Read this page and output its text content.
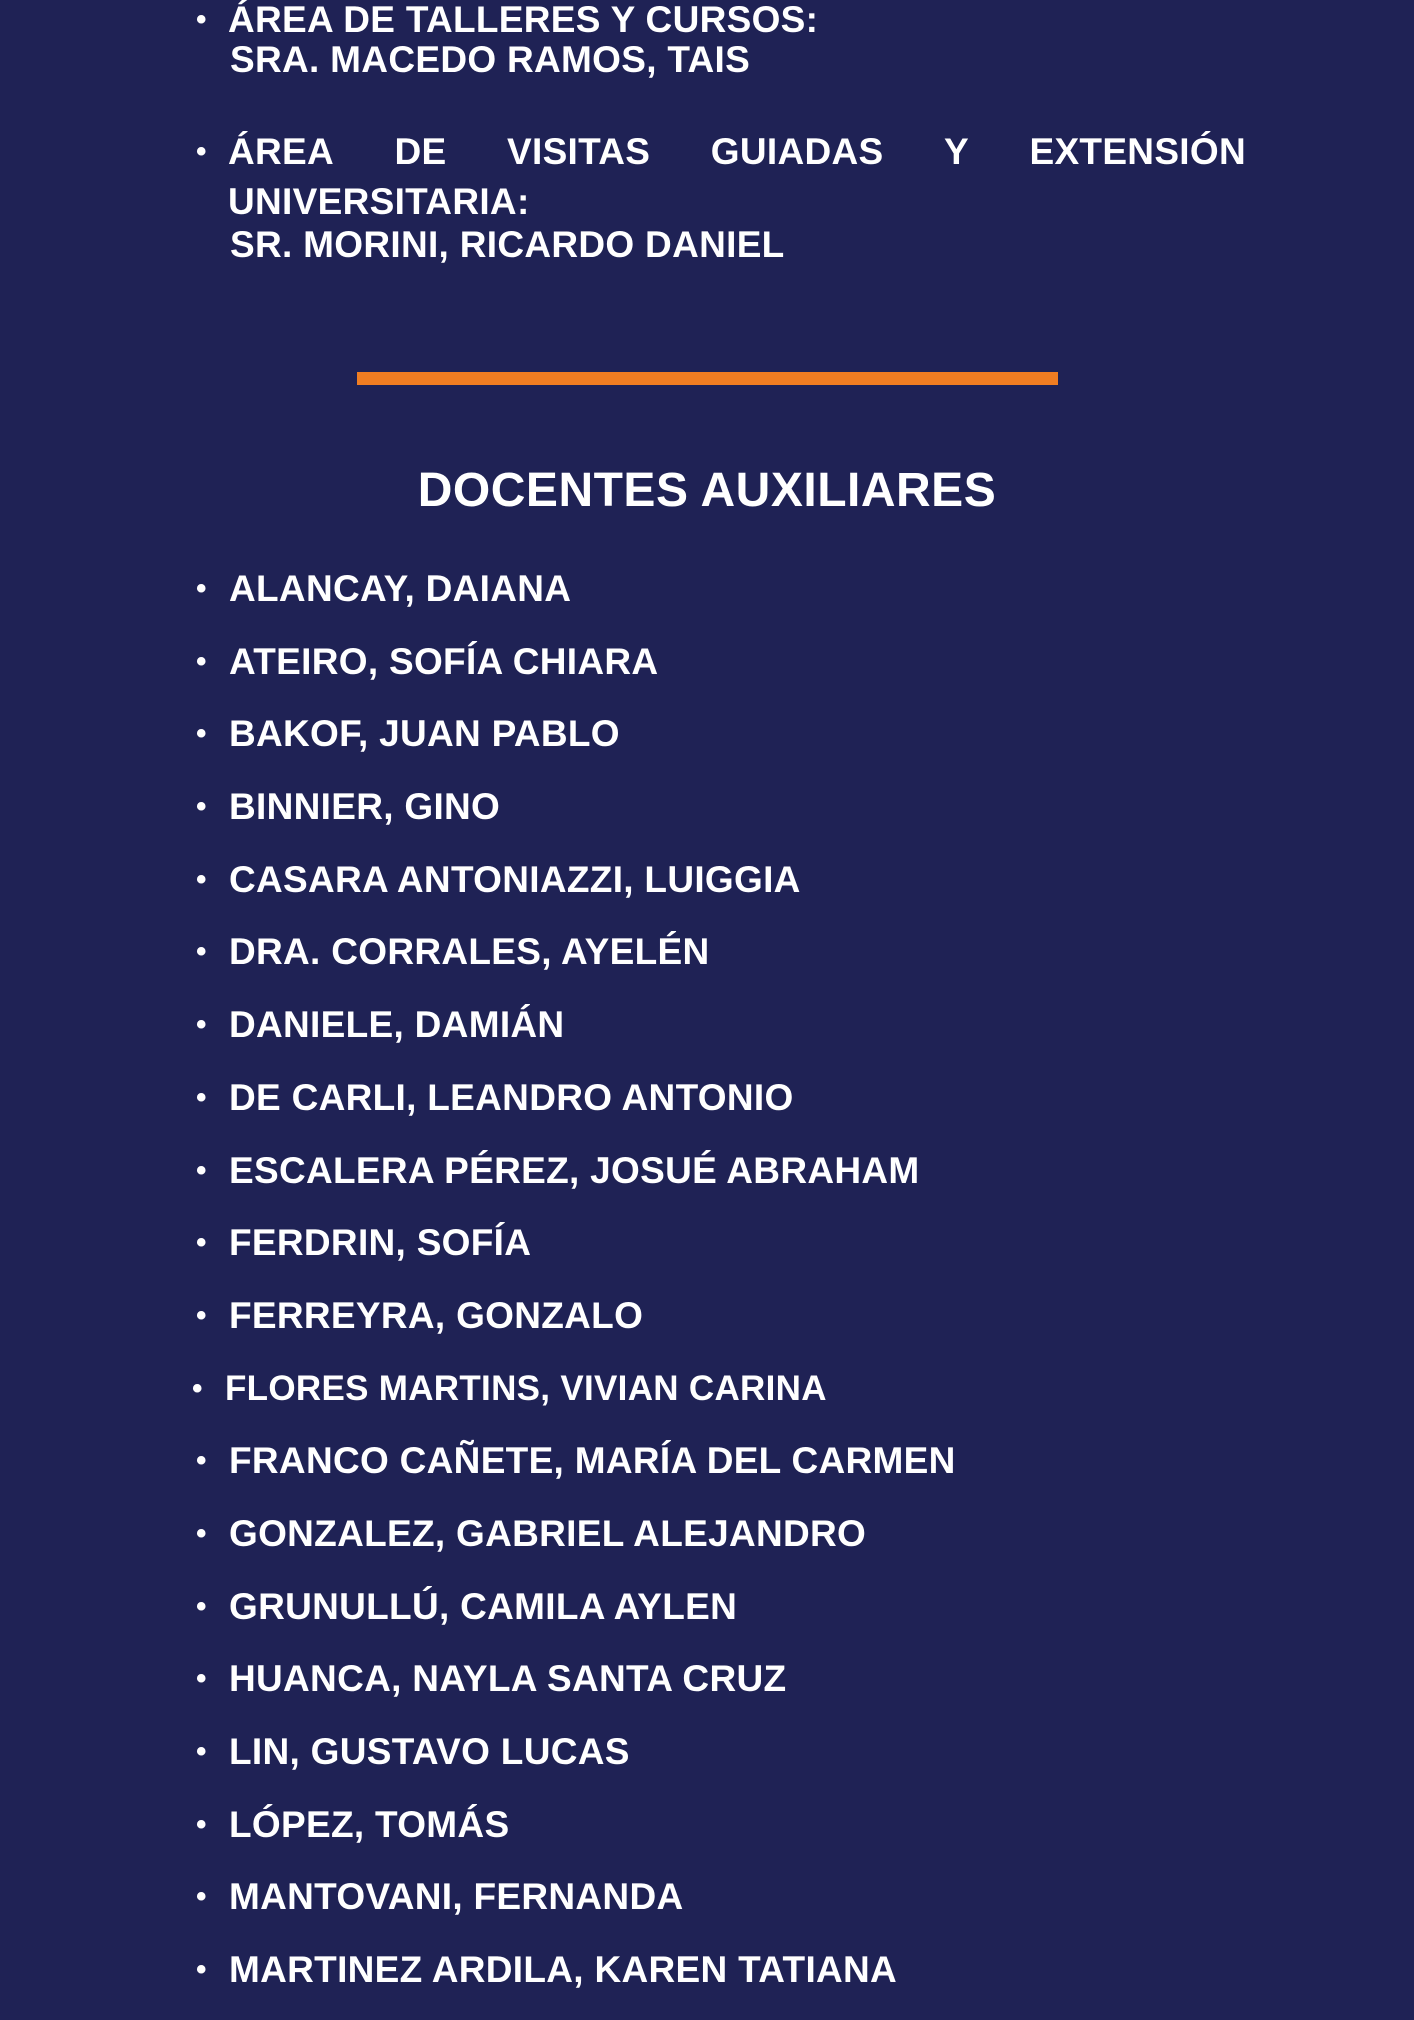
• ÁREA DE TALLERES Y CURSOS:
SRA. MACEDO RAMOS, TAIS
• ÁREA DE VISITAS GUIADAS Y EXTENSIÓN
UNIVERSITARIA:
SR. MORINI, RICARDO DANIEL
DOCENTES AUXILIARES
• ALANCAY, DAIANA
• ATEIRO, SOFÍA CHIARA
• BAKOF, JUAN PABLO
• BINNIER, GINO
• CASARA ANTONIAZZI, LUIGGIA
• DRA. CORRALES, AYELÉN
• DANIELE, DAMIÁN
• DE CARLI, LEANDRO ANTONIO
• ESCALERA PÉREZ, JOSUÉ ABRAHAM
• FERDRIN, SOFÍA
• FERREYRA, GONZALO
• FLORES MARTINS, VIVIAN CARINA
• FRANCO CAÑETE, MARÍA DEL CARMEN
• GONZALEZ, GABRIEL ALEJANDRO
• GRUNULLÚ, CAMILA AYLEN
• HUANCA, NAYLA SANTA CRUZ
• LIN, GUSTAVO LUCAS
• LÓPEZ, TOMÁS
• MANTOVANI, FERNANDA
• MARTINEZ ARDILA, KAREN TATIANA
